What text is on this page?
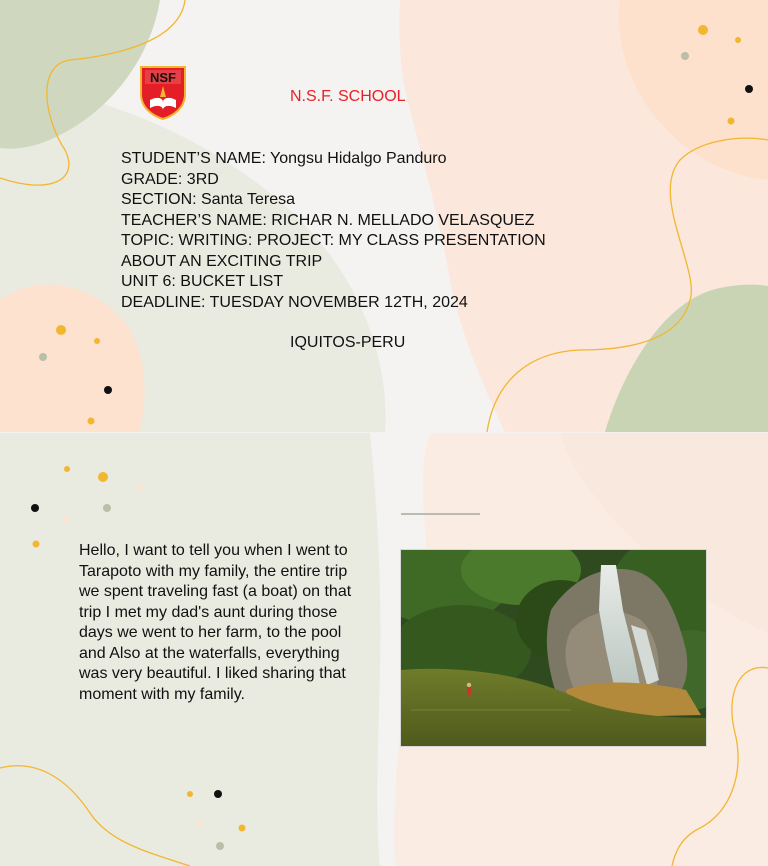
NSF
N.S.F. SCHOOL
STUDENT’S NAME: Yongsu Hidalgo Panduro
GRADE: 3RD
SECTION: Santa Teresa
TEACHER’S NAME: RICHAR N. MELLADO VELASQUEZ
TOPIC: WRITING: PROJECT: MY CLASS PRESENTATION
ABOUT AN EXCITING TRIP
UNIT 6: BUCKET LIST
DEADLINE: TUESDAY NOVEMBER 12TH, 2024
IQUITOS-PERU
Hello, I want to tell you when I went to Tarapoto with my family, the entire trip we spent traveling fast (a boat) on that trip I met my dad's aunt during those days we went to her farm, to the pool and Also at the waterfalls, everything was very beautiful. I liked sharing that moment with my family.
